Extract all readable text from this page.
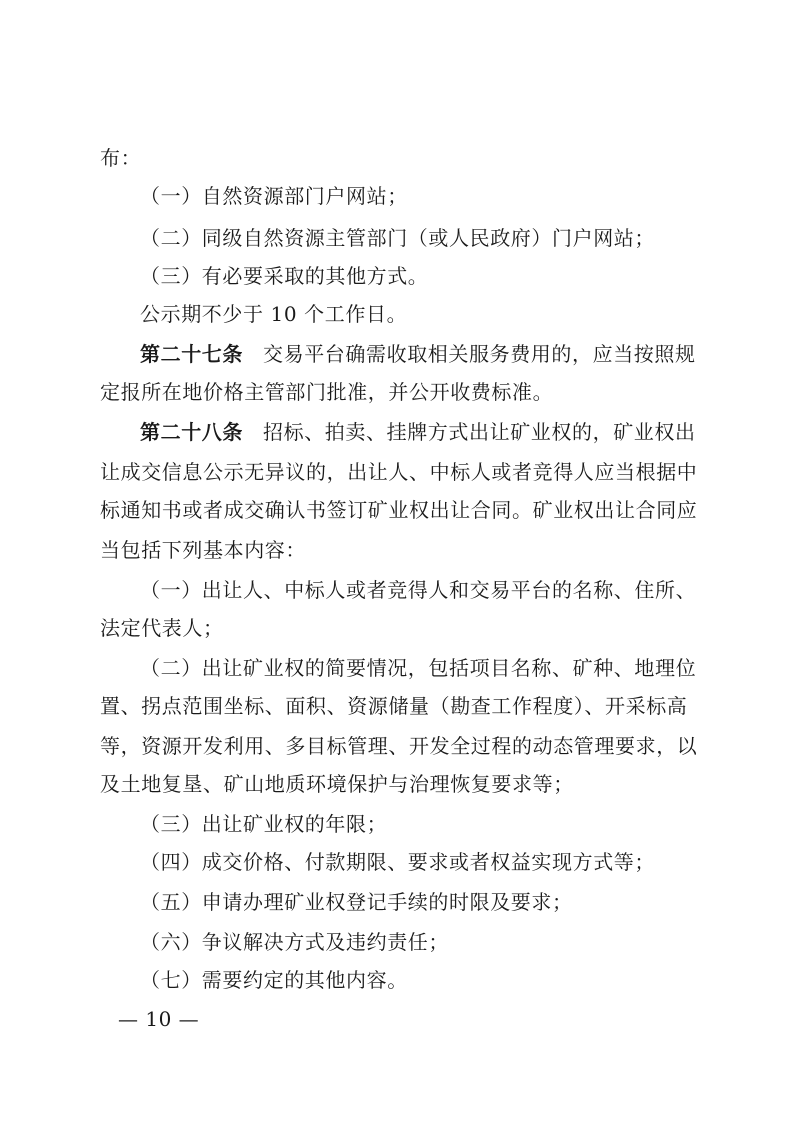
布：
（一）自然资源部门户网站；
（二）同级自然资源主管部门（或人民政府）门户网站；
（三）有必要采取的其他方式。
公示期不少于 10 个工作日。
第二十七条 交易平台确需收取相关服务费用的，应当按照规
定报所在地价格主管部门批准，并公开收费标准。
第二十八条 招标、拍卖、挂牌方式出让矿业权的，矿业权出
让成交信息公示无异议的，出让人、中标人或者竞得人应当根据中
标通知书或者成交确认书签订矿业权出让合同。矿业权出让合同应
当包括下列基本内容：
（一）出让人、中标人或者竞得人和交易平台的名称、住所、
法定代表人；
（二）出让矿业权的简要情况，包括项目名称、矿种、地理位
置、拐点范围坐标、面积、资源储量（勘查工作程度）、开采标高
等，资源开发利用、多目标管理、开发全过程的动态管理要求，以
及土地复垦、矿山地质环境保护与治理恢复要求等；
（三）出让矿业权的年限；
（四）成交价格、付款期限、要求或者权益实现方式等；
（五）申请办理矿业权登记手续的时限及要求；
（六）争议解决方式及违约责任；
（七）需要约定的其他内容。
— 10 —
